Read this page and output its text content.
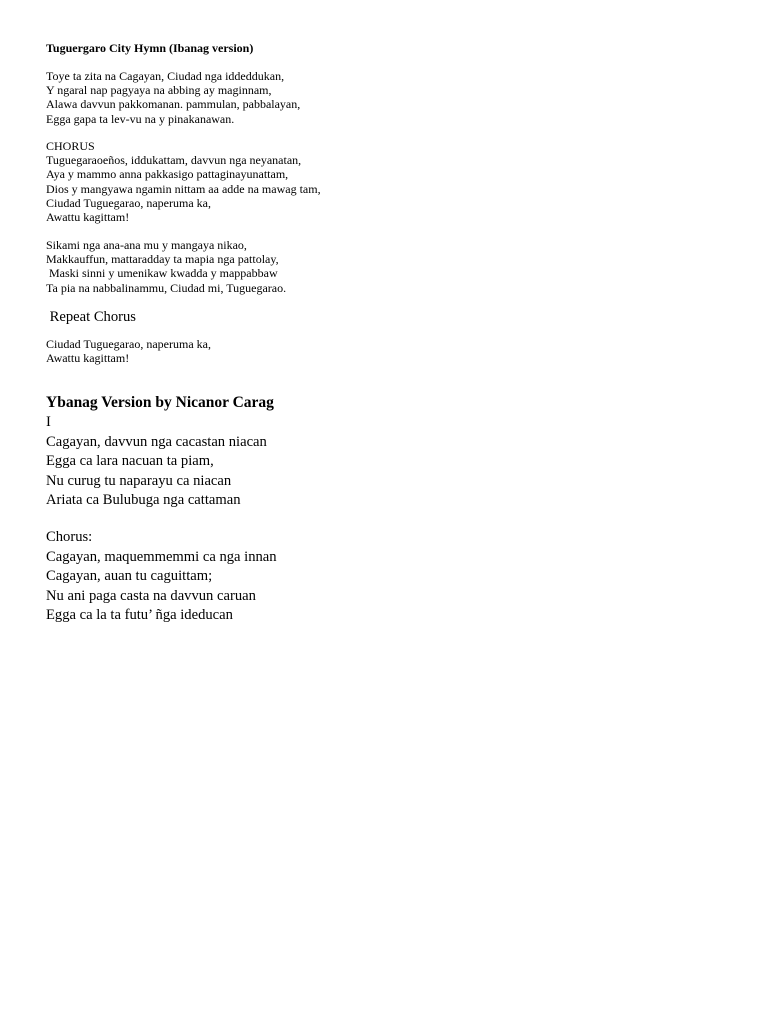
Tuguergaro City Hymn (Ibanag version)
Toye ta zita na Cagayan, Ciudad nga iddeddukan,
Y ngaral nap pagyaya na abbing ay maginnam,
Alawa davvun pakkomanan. pammulan, pabbalayan,
Egga gapa ta lev-vu na y pinakanawan.
CHORUS
Tuguegaraoeños, iddukattam, davvun nga neyanatan,
Aya y mammo anna pakkasigo pattaginayunattam,
Dios y mangyawa ngamin nittam aa adde na mawag tam,
Ciudad Tuguegarao, naperuma ka,
Awattu kagittam!
Sikami nga ana-ana mu y mangaya nikao,
Makkauffun, mattaradday ta mapia nga pattolay,
Maski sinni y umenikaw kwadda y mappabbaw
Ta pia na nabbalinammu, Ciudad mi, Tuguegarao.
Repeat Chorus
Ciudad Tuguegarao, naperuma ka,
Awattu kagittam!
Ybanag Version by Nicanor Carag
I
Cagayan, davvun nga cacastan niacan
Egga ca lara nacuan ta piam,
Nu curug tu naparayu ca niacan
Ariata ca Bulubuga nga cattaman
Chorus:
Cagayan, maquemmemmi ca nga innan
Cagayan, auan tu caguittam;
Nu ani paga casta na davvun caruan
Egga ca la ta futu’ ñga ideducan
